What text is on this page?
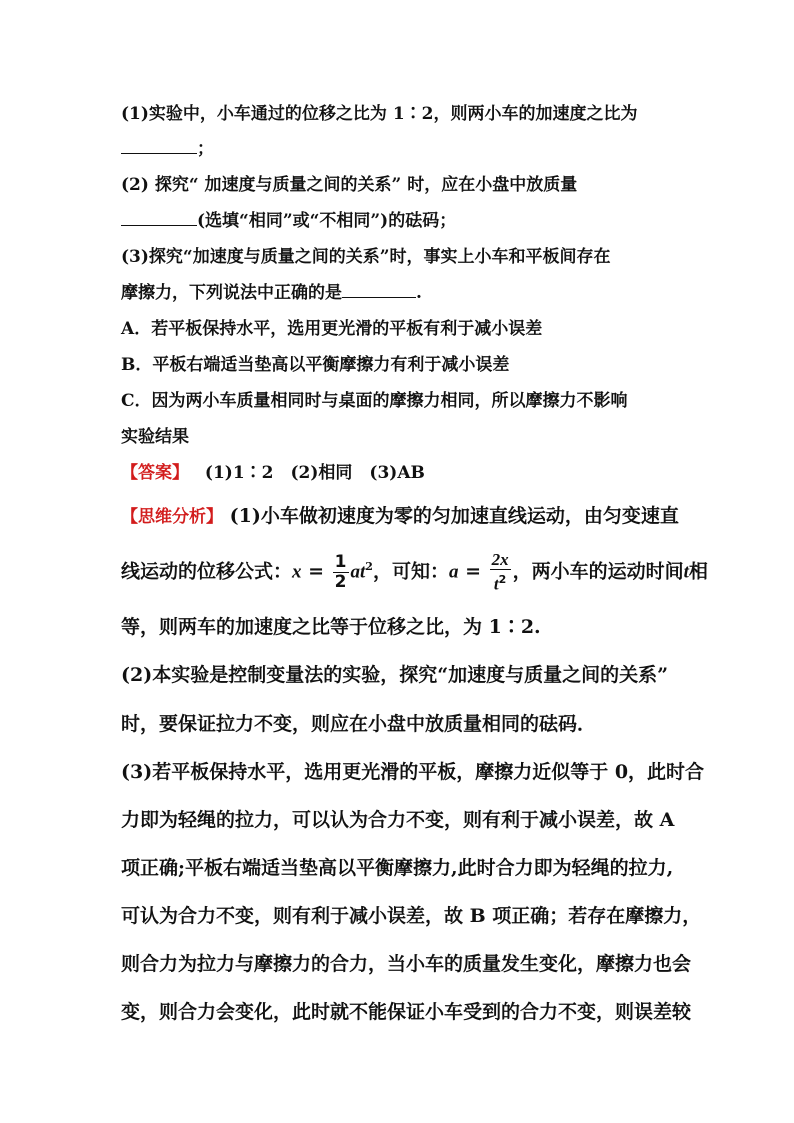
(1)实验中，小车通过的位移之比为 1∶2，则两小车的加速度之比为
；
(2) 探究“ 加速度与质量之间的关系” 时，应在小盘中放质量
(选填“相同”或“不相同”)的砝码；
(3)探究“加速度与质量之间的关系”时，事实上小车和平板间存在
摩擦力，下列说法中正确的是	.
A．若平板保持水平，选用更光滑的平板有利于减小误差
B．平板右端适当垫高以平衡摩擦力有利于减小误差
C．因为两小车质量相同时与桌面的摩擦力相同，所以摩擦力不影响
实验结果
【答案】 (1)1∶2　(2)相同　(3)AB
【思维分析】 (1)小车做初速度为零的匀加速直线运动，由匀变速直
线运动的位移公式：$x = \frac{1}{2} at^2$，可知：$a = \frac{2x}{t^2}$ ，两小车的运动时间t相
等，则两车的加速度之比等于位移之比，为 1∶2.
(2)本实验是控制变量法的实验，探究“加速度与质量之间的关系”
时，要保证拉力不变，则应在小盘中放质量相同的砝码．
(3)若平板保持水平，选用更光滑的平板，摩擦力近似等于 0，此时合
力即为轻绳的拉力，可以认为合力不变，则有利于减小误差，故 A
项正确;平板右端适当垫高以平衡摩擦力,此时合力即为轻绳的拉力,
可认为合力不变，则有利于减小误差，故 B 项正确；若存在摩擦力，
则合力为拉力与摩擦力的合力，当小车的质量发生变化，摩擦力也会
变，则合力会变化，此时就不能保证小车受到的合力不变，则误差较
